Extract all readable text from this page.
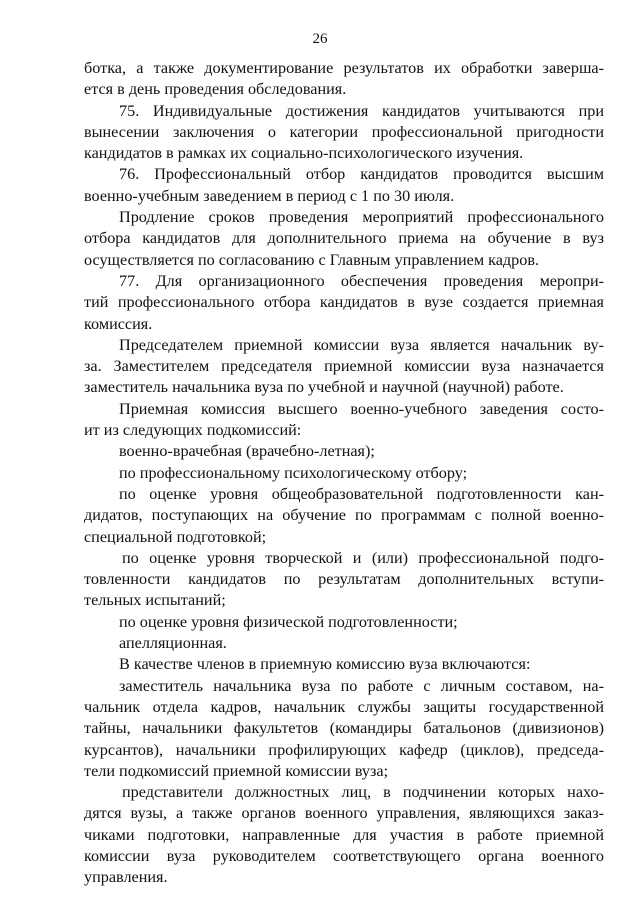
26
ботка, а также документирование результатов их обработки заверша-
ется в день проведения обследования.
75. Индивидуальные достижения кандидатов учитываются при
вынесении заключения о категории профессиональной пригодности
кандидатов в рамках их социально-психологического изучения.
76. Профессиональный отбор кандидатов проводится высшим
военно-учебным заведением в период с 1 по 30 июля.
Продление сроков проведения мероприятий профессионального
отбора кандидатов для дополнительного приема на обучение в вуз
осуществляется по согласованию с Главным управлением кадров.
77. Для организационного обеспечения проведения меропри-
тий профессионального отбора кандидатов в вузе создается приемная
комиссия.
Председателем приемной комиссии вуза является начальник ву-
за. Заместителем председателя приемной комиссии вуза назначается
заместитель начальника вуза по учебной и научной (научной) работе.
Приемная комиссия высшего военно-учебного заведения состо-
ит из следующих подкомиссий:
военно-врачебная (врачебно-летная);
по профессиональному психологическому отбору;
по оценке уровня общеобразовательной подготовленности кан-
дидатов, поступающих на обучение по программам с полной военно-
специальной подготовкой;
по оценке уровня творческой и (или) профессиональной подго-
товленности кандидатов по результатам дополнительных вступи-
тельных испытаний;
по оценке уровня физической подготовленности;
апелляционная.
В качестве членов в приемную комиссию вуза включаются:
заместитель начальника вуза по работе с личным составом, на-
чальник отдела кадров, начальник службы защиты государственной
тайны, начальники факультетов (командиры батальонов (дивизионов)
курсантов), начальники профилирующих кафедр (циклов), председа-
тели подкомиссий приемной комиссии вуза;
представители должностных лиц, в подчинении которых нахо-
дятся вузы, а также органов военного управления, являющихся заказ-
чиками подготовки, направленные для участия в работе приемной
комиссии вуза руководителем соответствующего органа военного
управления.
